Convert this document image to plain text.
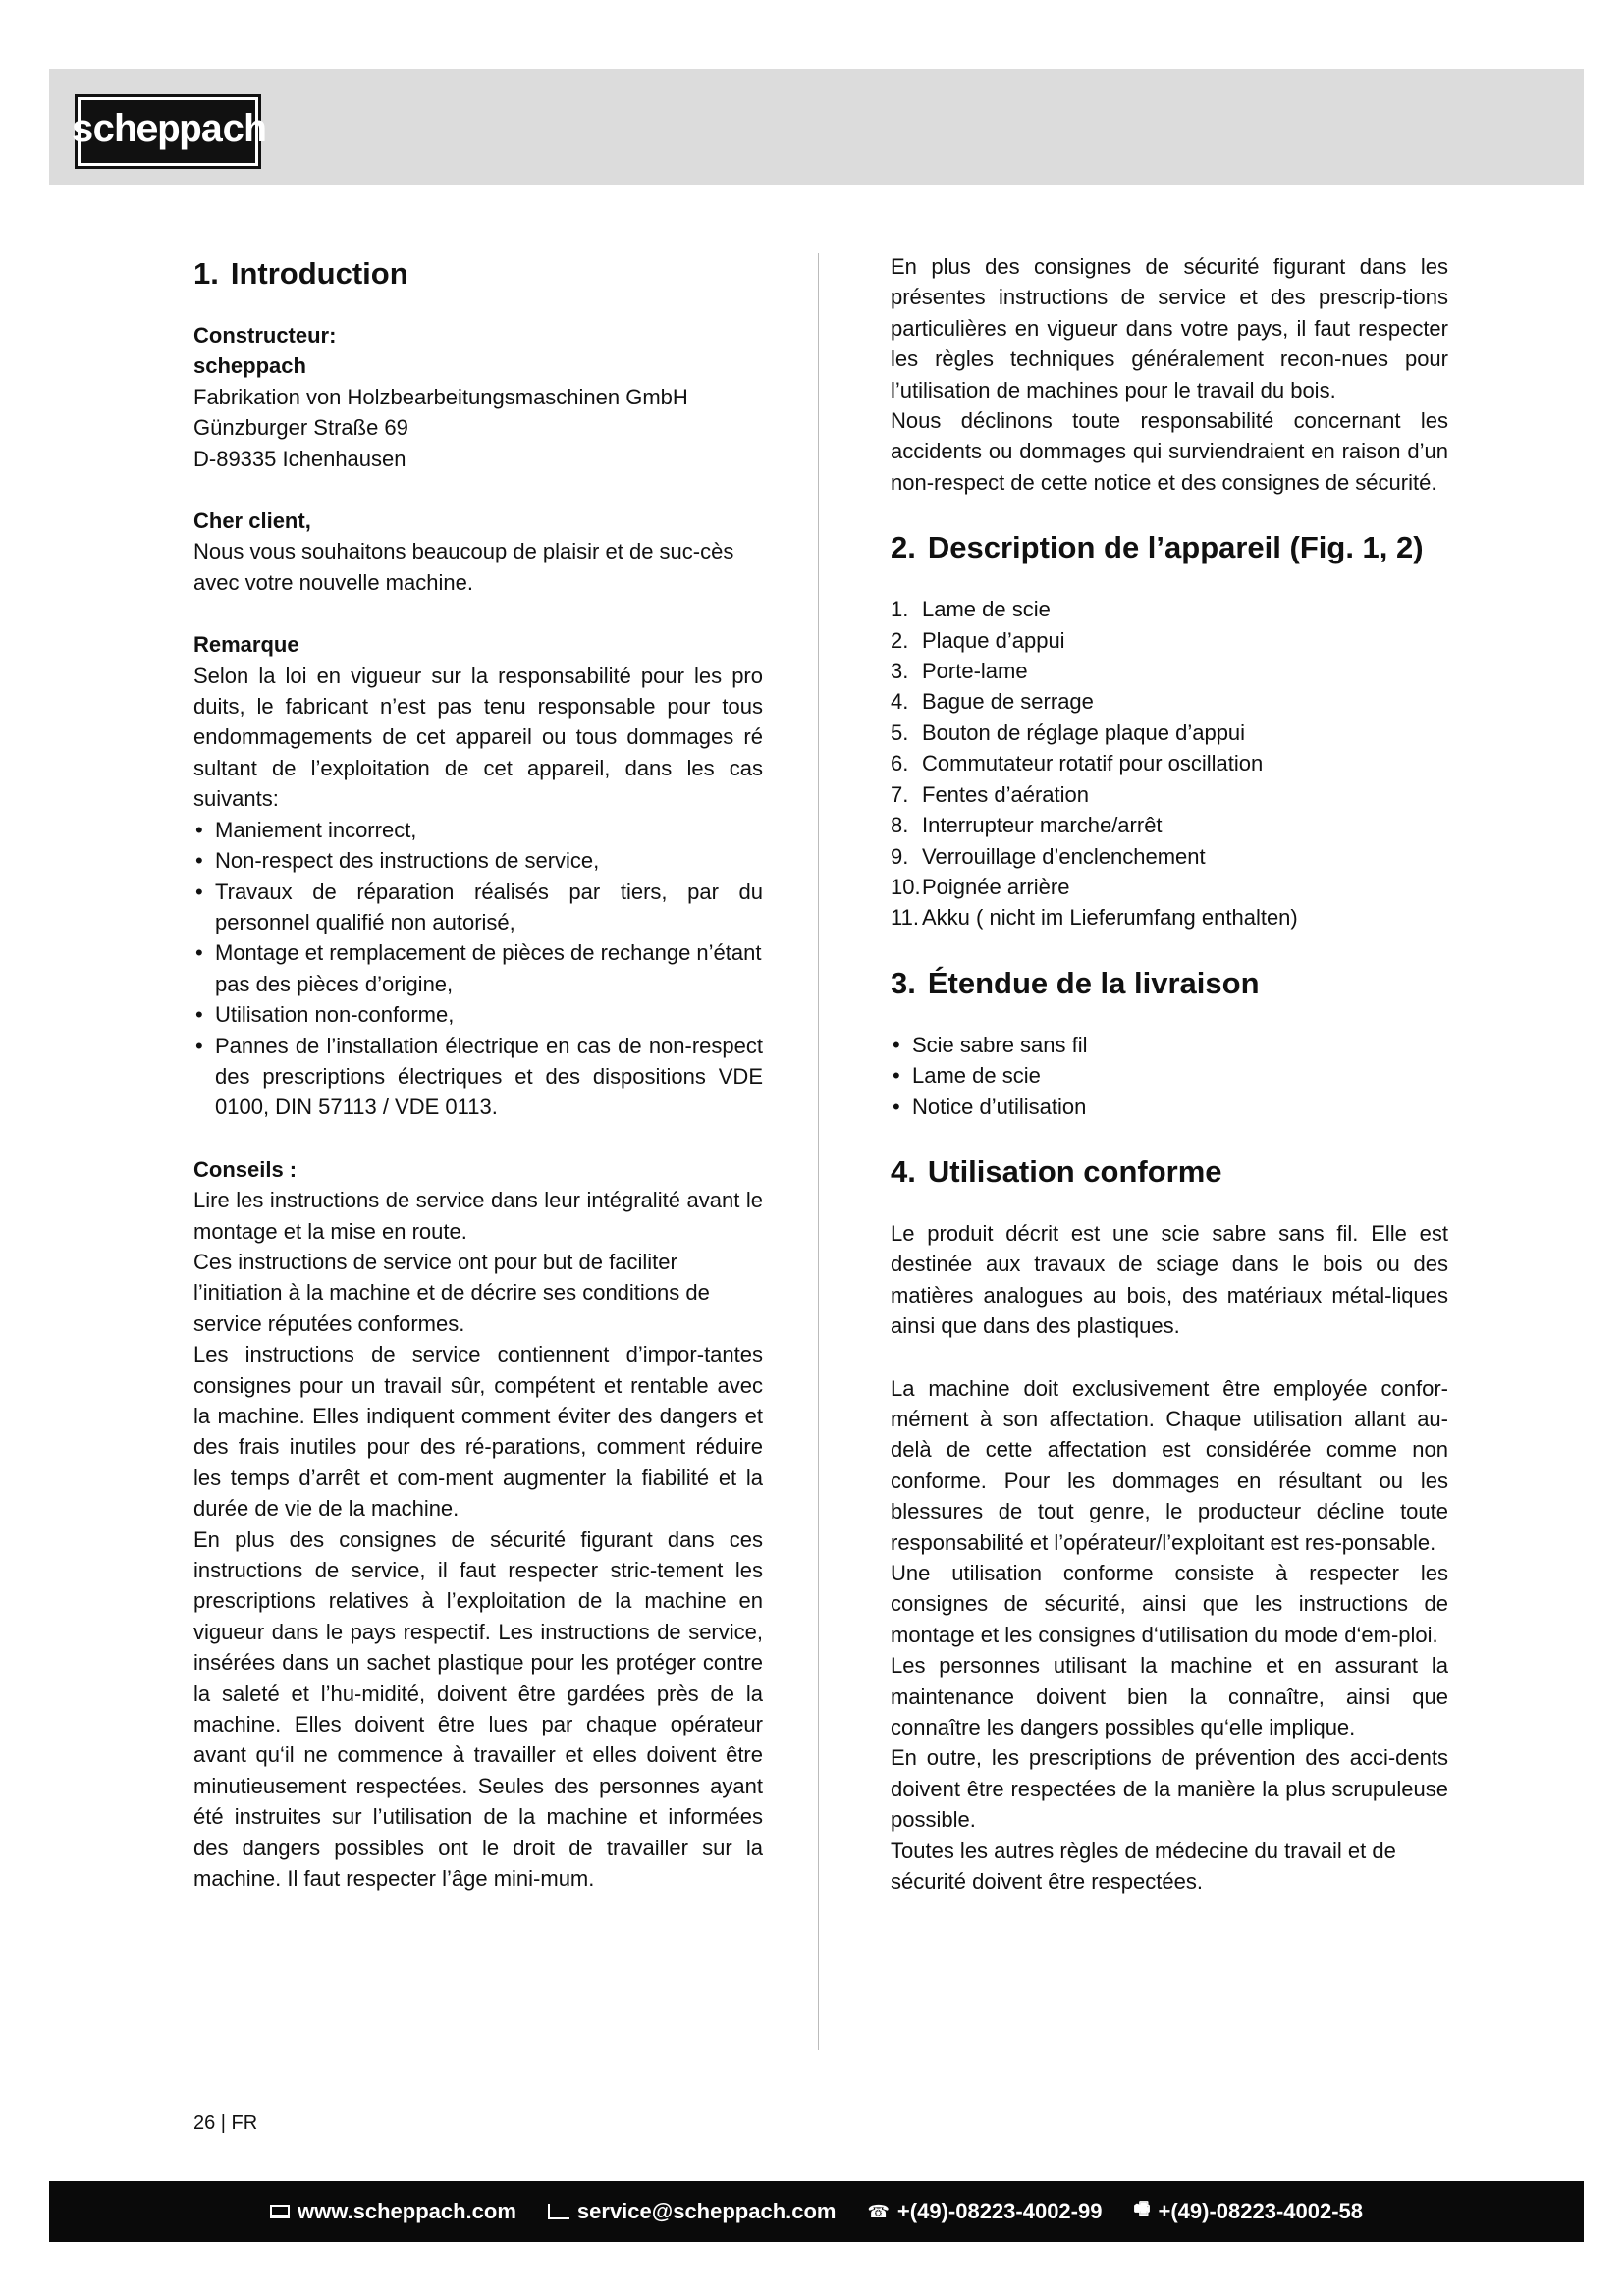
scheppach
1. Introduction
Constructeur:
scheppach

Fabrikation von Holzbearbeitungsmaschinen GmbH

Günzburger Straße 69

D-89335 Ichenhausen

Cher client,

Nous vous souhaitons beaucoup de plaisir et de suc-cès avec votre nouvelle machine.

Remarque

Selon la loi en vigueur sur la responsabilité pour les pro duits, le fabricant n’est pas tenu responsable pour tous endommagements de cet appareil ou tous dommages ré sultant de l’exploitation de cet appareil, dans les cas suivants:

• Maniement incorrect,
• Non-respect des instructions de service,
• Travaux de réparation réalisés par tiers, par du personnel qualifié non autorisé,
• Montage et remplacement de pièces de rechange n’étant pas des pièces d’origine,
• Utilisation non-conforme,
• Pannes de l’installation électrique en cas de non-respect des prescriptions électriques et des dispositions VDE 0100, DIN 57113 / VDE 0113.
Conseils :

Lire les instructions de service dans leur intégralité avant le montage et la mise en route.

Ces instructions de service ont pour but de faciliter l’initiation à la machine et de décrire ses conditions de service réputées conformes.

Les instructions de service contiennent d’impor-tantes consignes pour un travail sûr, compétent et rentable avec la machine. Elles indiquent comment éviter des dangers et des frais inutiles pour des ré-parations, comment réduire les temps d’arrêt et com-ment augmenter la fiabilité et la durée de vie de la machine.

En plus des consignes de sécurité figurant dans ces instructions de service, il faut respecter stric-tement les prescriptions relatives à l’exploitation de la machine en vigueur dans le pays respectif. Les instructions de service, insérées dans un sachet plastique pour les protéger contre la saleté et l’hu-midité, doivent être gardées près de la machine. Elles doivent être lues par chaque opérateur avant qu‘il ne commence à travailler et elles doivent être minutieusement respectées. Seules des personnes ayant été instruites sur l’utilisation de la machine et informées des dangers possibles ont le droit de travailler sur la machine. Il faut respecter l’âge mini-mum.

En plus des consignes de sécurité figurant dans les présentes instructions de service et des prescrip-tions particulières en vigueur dans votre pays, il faut respecter les règles techniques généralement recon-nues pour l’utilisation de machines pour le travail du bois.

Nous déclinons toute responsabilité concernant les accidents ou dommages qui surviendraient en raison d’un non-respect de cette notice et des consignes de sécurité.

2. Description de l’appareil (Fig. 1, 2)
1. Lame de scie
2. Plaque d’appui
3. Porte-lame
4. Bague de serrage
5. Bouton de réglage plaque d’appui
6. Commutateur rotatif pour oscillation
7. Fentes d’aération
8. Interrupteur marche/arrêt
9. Verrouillage d’enclenchement
10. Poignée arrière
11. Akku ( nicht im Lieferumfang enthalten)
3. Étendue de la livraison
• Scie sabre sans fil
• Lame de scie
• Notice d’utilisation
4. Utilisation conforme

Le produit décrit est une scie sabre sans fil. Elle est destinée aux travaux de sciage dans le bois ou des matières analogues au bois, des matériaux métal-liques ainsi que dans des plastiques.

La machine doit exclusivement être employée confor-mément à son affectation. Chaque utilisation allant au-delà de cette affectation est considérée comme non conforme. Pour les dommages en résultant ou les blessures de tout genre, le producteur décline toute responsabilité et l’opérateur/l’exploitant est res-ponsable.

Une utilisation conforme consiste à respecter les consignes de sécurité, ainsi que les instructions de montage et les consignes d‘utilisation du mode d‘em-ploi.

Les personnes utilisant la machine et en assurant la maintenance doivent bien la connaître, ainsi que connaître les dangers possibles qu‘elle implique.

En outre, les prescriptions de prévention des acci-dents doivent être respectées de la manière la plus scrupuleuse possible.

Toutes les autres règles de médecine du travail et de sécurité doivent être respectées.

26 | FR
www.scheppach.com	service@scheppach.com ☎ +(49)-08223-4002-99 🖷 +(49)-08223-4002-58
